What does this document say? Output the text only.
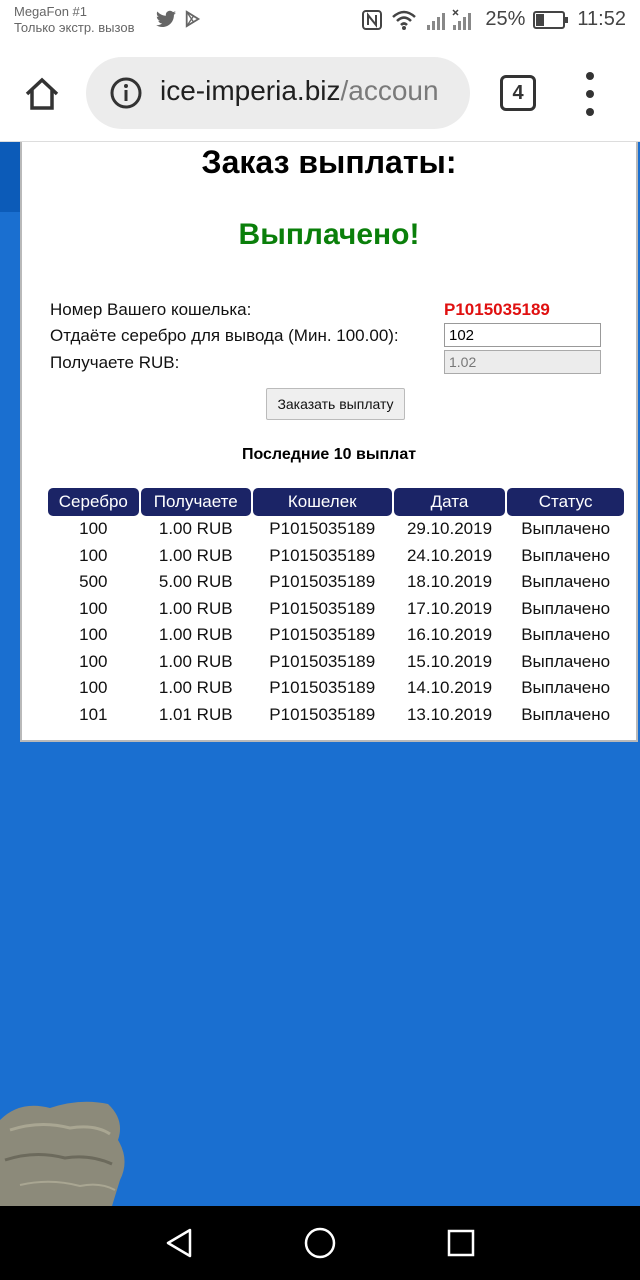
MegaFon #1
Только экстр. вызов	25%	11:52
ice-imperia.biz/accoun	4
Заказ выплаты:
Выплачено!
Номер Вашего кошелька:	P1015035189
Отдаёте серебро для вывода (Мин. 100.00):
102
Получаете RUB:
1.02
Заказать выплату
Последние 10 выплат
Серебро	Получаете	Кошелек	Дата	Статус
100	1.00 RUB	P1015035189	29.10.2019	Выплачено
100	1.00 RUB	P1015035189	24.10.2019	Выплачено
500	5.00 RUB	P1015035189	18.10.2019	Выплачено
100	1.00 RUB	P1015035189	17.10.2019	Выплачено
100	1.00 RUB	P1015035189	16.10.2019	Выплачено
100	1.00 RUB	P1015035189	15.10.2019	Выплачено
100	1.00 RUB	P1015035189	14.10.2019	Выплачено
101	1.01 RUB	P1015035189	13.10.2019	Выплачено
